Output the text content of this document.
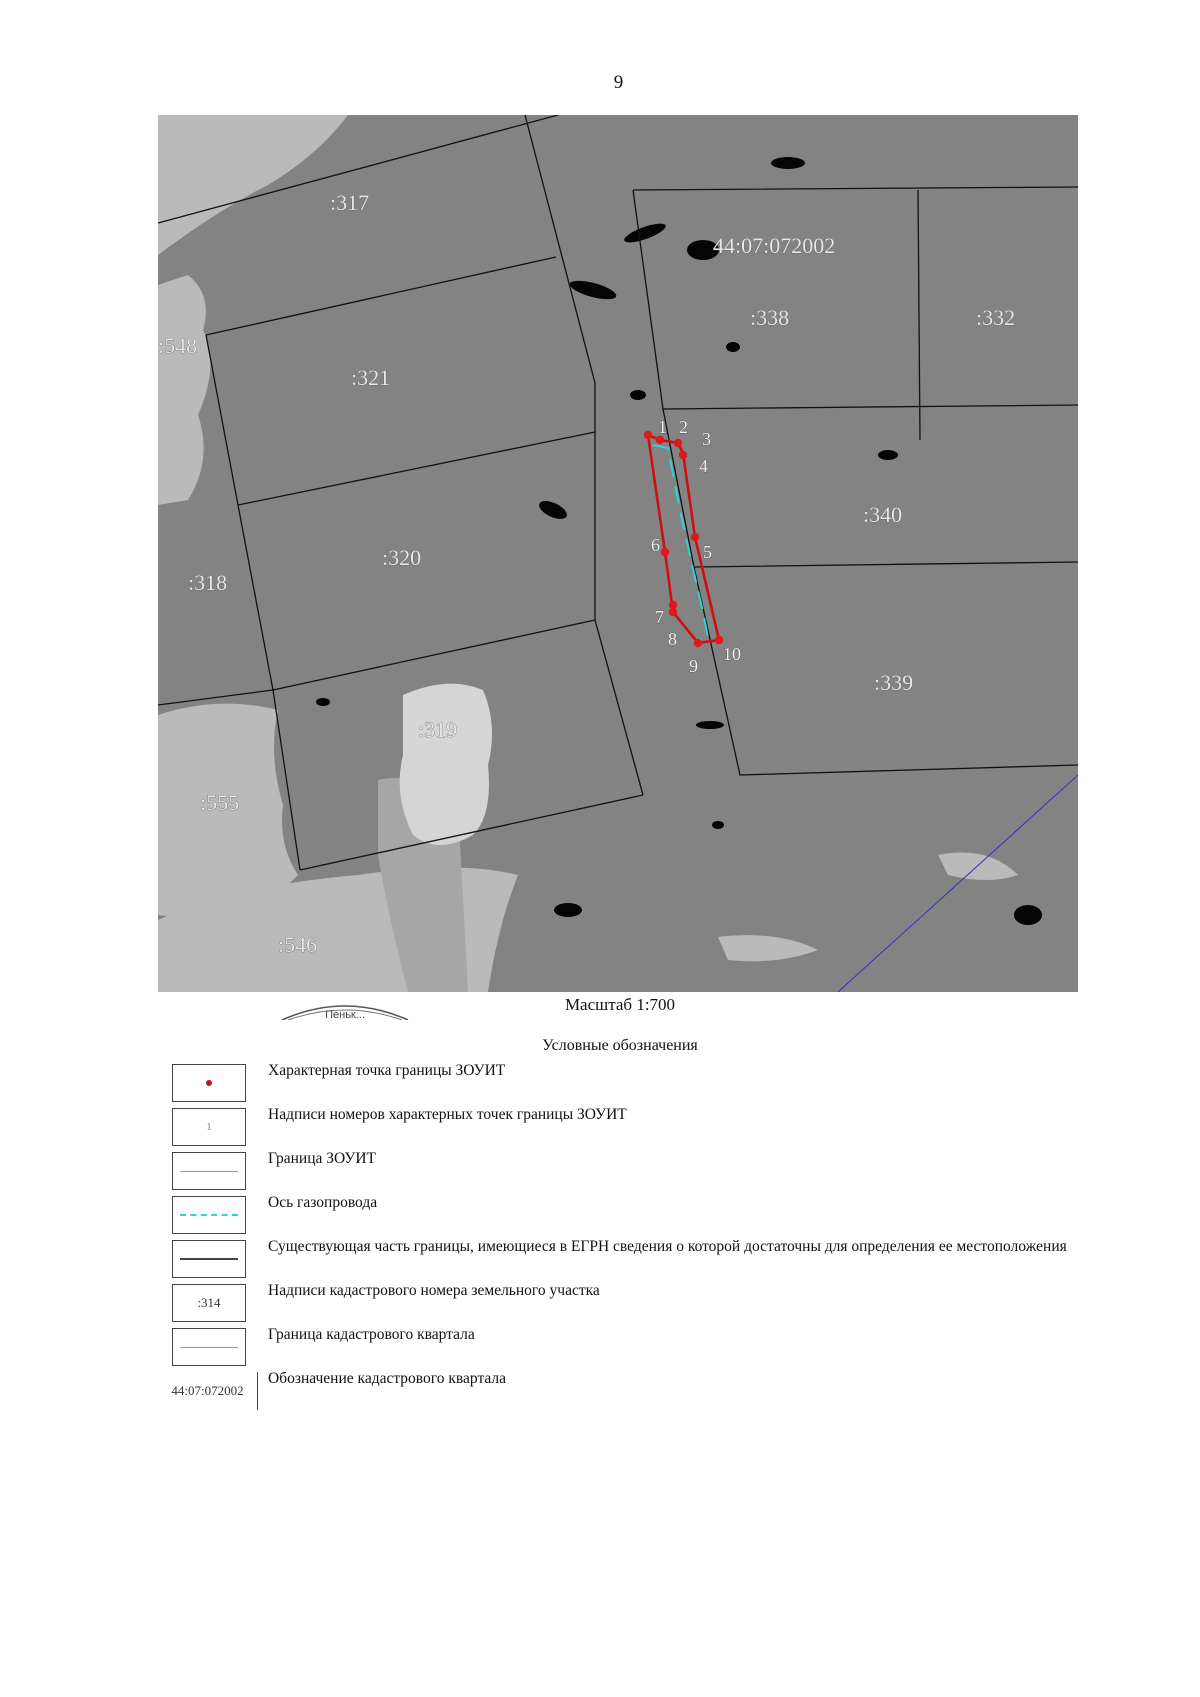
9
:317
:321
:548
:320
:318
:319
:555
:546
:338	:332
:340
:339
44:07:072002
1 2
3
4
5
6
7
8
9
10
Пеньк...
Масштаб 1:700
Условные обозначения
Характерная точка границы ЗОУИТ
1
Надписи номеров характерных точек границы ЗОУИТ
Граница ЗОУИТ
Ось газопровода
Существующая часть границы, имеющиеся в ЕГРН сведения о которой достаточны для определения ее местоположения
:314
Надписи кадастрового номера земельного участка
Граница кадастрового квартала
44:07:072002
Обозначение кадастрового квартала
